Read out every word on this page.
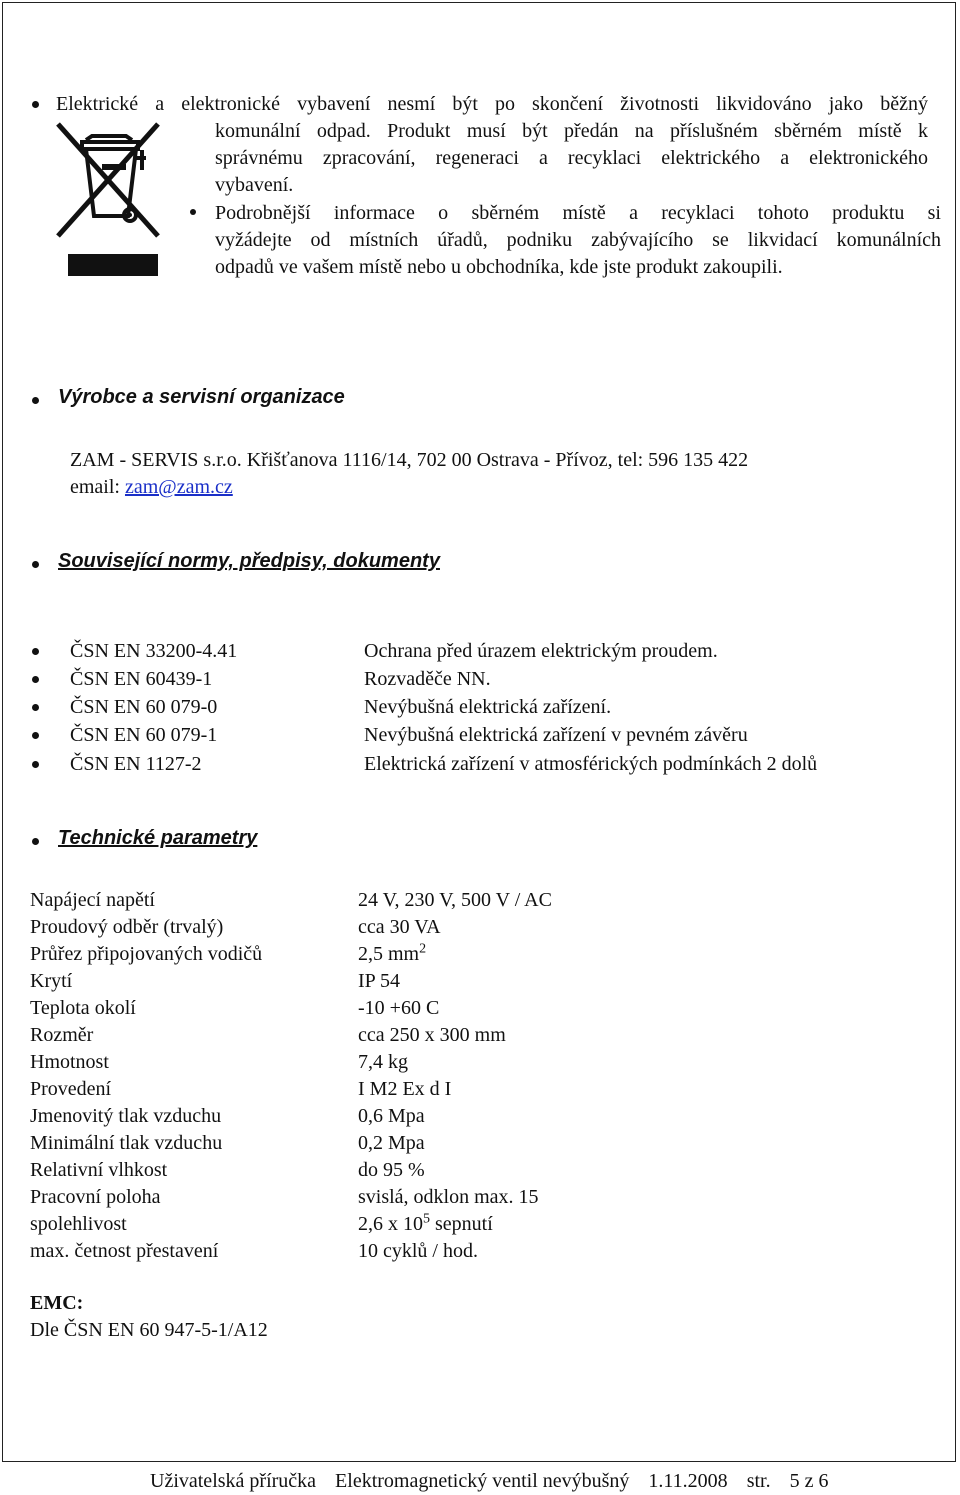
Elektrické a elektronické vybavení nesmí být po skončení životnosti likvidováno jako běžný
komunální odpad. Produkt musí být předán na příslušném sběrném místě k
správnému zpracování, regeneraci a recyklaci elektrického a elektronického
vybavení.
Podrobnější informace o sběrném místě a recyklaci tohoto produktu si
vyžádejte od místních úřadů, podniku zabývajícího se likvidací komunálních
odpadů ve vašem místě nebo u obchodníka, kde jste produkt zakoupili.
Výrobce a servisní organizace
ZAM - SERVIS s.r.o. Křišťanova 1116/14, 702 00 Ostrava - Přívoz, tel: 596 135 422
email: zam@zam.cz
Související normy, předpisy, dokumenty
ČSN EN 33200-4.41	Ochrana před úrazem elektrickým proudem.
ČSN EN 60439-1	Rozvaděče NN.
ČSN EN 60 079-0	Nevýbušná elektrická zařízení.
ČSN EN 60 079-1	Nevýbušná elektrická zařízení v pevném závěru
ČSN EN 1127-2	Elektrická zařízení v atmosférických podmínkách 2 dolů
Technické parametry
Napájecí napětí	24 V, 230 V, 500 V / AC
Proudový odběr (trvalý)	cca 30 VA
Průřez připojovaných vodičů	2,5 $mm^2$
Krytí	IP 54
Teplota okolí	-10 +60 C
Rozměr	cca 250 x 300 mm
Hmotnost	7,4 kg
Provedení	I M2 Ex d I
Jmenovitý tlak vzduchu	0,6 Mpa
Minimální tlak vzduchu	0,2 Mpa
Relativní vlhkost	do 95 %
Pracovní poloha	svislá, odklon max. 15
spolehlivost	2,6 x $10^5$ sepnutí
max. četnost přestavení	10 cyklů / hod.
EMC:
Dle ČSN EN 60 947-5-1/A12
Uživatelská příručka Elektromagnetický ventil nevýbušný 1.11.2008 str. 5 z 6
